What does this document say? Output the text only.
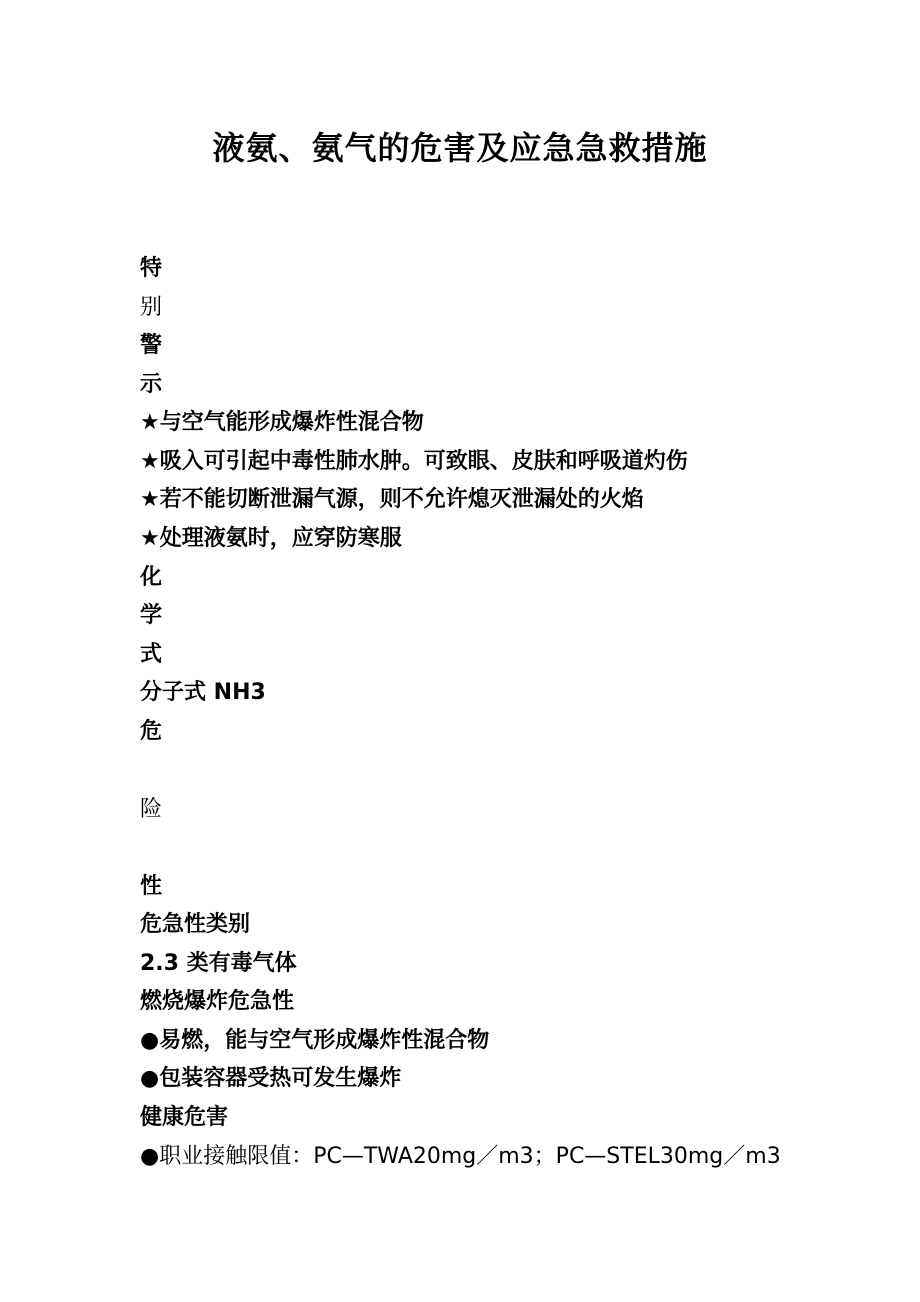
液氨、氨气的危害及应急急救措施
特
别
警
示
★与空气能形成爆炸性混合物
★吸入可引起中毒性肺水肿。可致眼、皮肤和呼吸道灼伤
★若不能切断泄漏气源，则不允许熄灭泄漏处的火焰
★处理液氨时，应穿防寒服
化
学
式
分子式 NH3
危
险
性
危急性类别
2.3 类有毒气体
燃烧爆炸危急性
●易燃，能与空气形成爆炸性混合物
●包装容器受热可发生爆炸
健康危害
●职业接触限值：PC—TWA20mg／m3；PC—STEL30mg／m3
